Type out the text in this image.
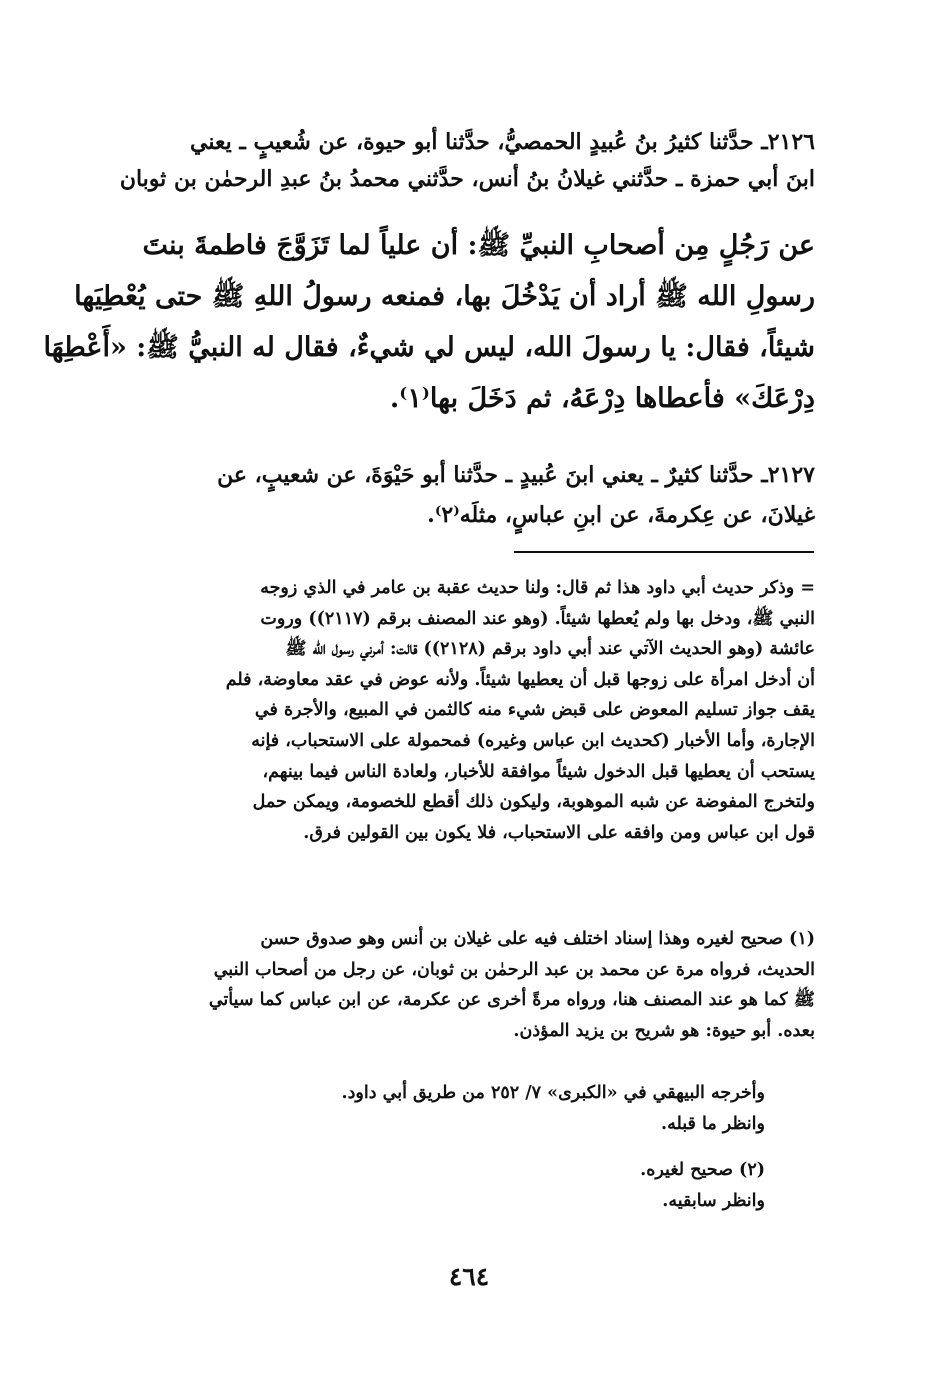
٢١٢٦ـ حدَّثنا كثيرُ بنُ عُبيدٍ الحمصيُّ، حدَّثنا أبو حيوة، عن شُعيبٍ ـ يعني
ابنَ أبي حمزة ـ حدَّثني غيلانُ بنُ أنس، حدَّثني محمدُ بنُ عبدِ الرحمٰن بن ثوبان
عن رَجُلٍ مِن أصحابِ النبيِّ ﷺ: أن علياً لما تَزَوَّجَ فاطمةَ بنتَ
رسولِ الله ﷺ أراد أن يَدْخُلَ بها، فمنعه رسولُ اللهِ ﷺ حتى يُعْطِيَها
شيئاً، فقال: يا رسولَ الله، ليس لي شيءٌ، فقال له النبيُّ ﷺ: «أَعْطِهَا
دِرْعَكَ» فأعطاها دِرْعَهُ، ثم دَخَلَ بها⁽١⁾.
٢١٢٧ـ حدَّثنا كثيرٌ ـ يعني ابنَ عُبيدٍ ـ حدَّثنا أبو حَيْوَةَ، عن شعيبٍ، عن
غيلانَ، عن عِكرمةَ، عن ابنِ عباسٍ، مثلَه⁽٢⁾.
= وذكر حديث أبي داود هذا ثم قال: ولنا حديث عقبة بن عامر في الذي زوجه
النبي ﷺ، ودخل بها ولم يُعطها شيئاً. (وهو عند المصنف برقم (٢١١٧)) وروت
عائشة (وهو الحديث الآتي عند أبي داود برقم (٢١٢٨)) قالت: أمرني رسول الله ﷺ
أن أدخل امرأة على زوجها قبل أن يعطيها شيئاً. ولأنه عوض في عقد معاوضة، فلم
يقف جواز تسليم المعوض على قبض شيء منه كالثمن في المبيع، والأجرة في
الإجارة، وأما الأخبار (كحديث ابن عباس وغيره) فمحمولة على الاستحباب، فإنه
يستحب أن يعطيها قبل الدخول شيئاً موافقة للأخبار، ولعادة الناس فيما بينهم،
ولتخرج المفوضة عن شبه الموهوبة، وليكون ذلك أقطع للخصومة، ويمكن حمل
قول ابن عباس ومن وافقه على الاستحباب، فلا يكون بين القولين فرق.
(١) صحيح لغيره وهذا إسناد اختلف فيه على غيلان بن أنس وهو صدوق حسن
الحديث، فرواه مرة عن محمد بن عبد الرحمٰن بن ثوبان، عن رجل من أصحاب النبي
ﷺ كما هو عند المصنف هنا، ورواه مرةً أخرى عن عكرمة، عن ابن عباس كما سيأتي
بعده. أبو حيوة: هو شريح بن يزيد المؤذن.
وأخرجه البيهقي في «الكبرى» ٧/ ٢٥٢ من طريق أبي داود.
وانظر ما قبله.
(٢) صحيح لغيره.
وانظر سابقيه.
٤٦٤
